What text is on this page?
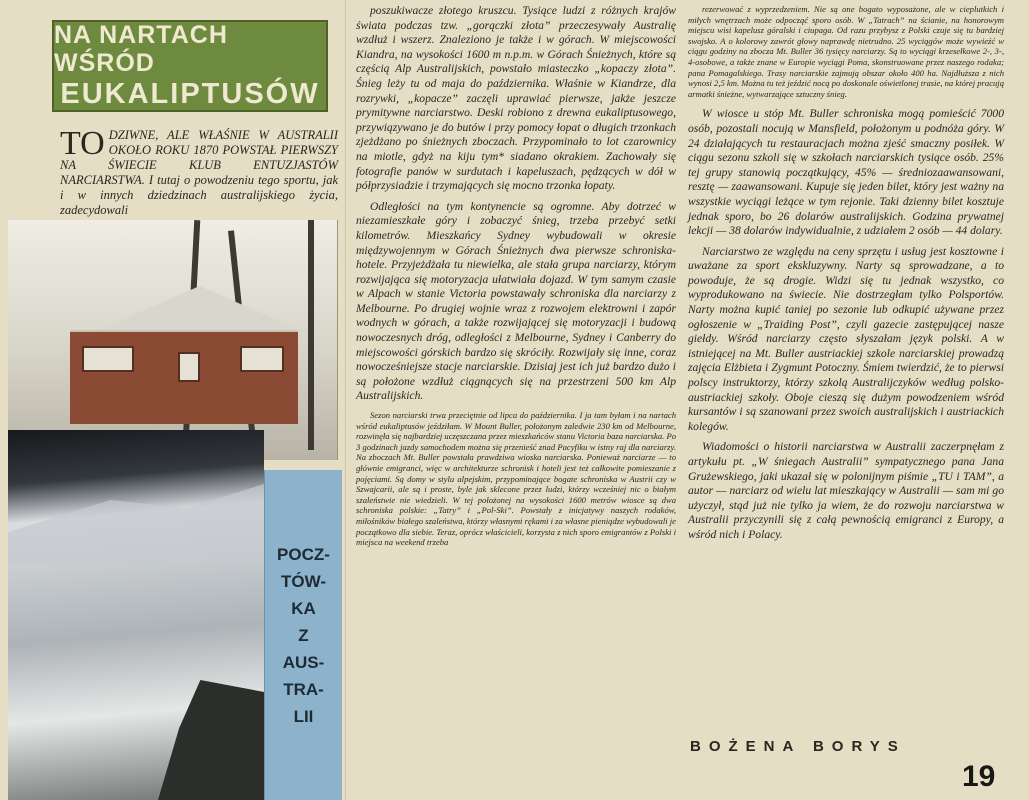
NA NARTACH WŚRÓD
EUKALIPTUSÓW
TO DZIWNE, ALE WŁAŚNIE W AUSTRALII OKOŁO ROKU 1870 POWSTAŁ PIERWSZY NA ŚWIECIE KLUB ENTUZJASTÓW NARCIARSTWA. I tutaj o powodzeniu tego sportu, jak i w innych dziedzinach australijskiego życia, zadecydowali
POCZ-
TÓW-
KA
Z
AUS-
TRA-
LII

poszukiwacze złotego kruszcu. Tysiące ludzi z różnych krajów świata podczas tzw. „gorączki złota” przeczesywały Australię wzdłuż i wszerz. Znaleziono je także i w górach. W miejscowości Kiandra, na wysokości 1600 m n.p.m. w Górach Śnieżnych, które są częścią Alp Australijskich, powstało miasteczko „kopaczy złota”. Śnieg leży tu od maja do października. Właśnie w Kiandrze, dla rozrywki, „kopacze” zaczęli uprawiać pierwsze, jakże jeszcze prymitywne narciarstwo. Deski robiono z drewna eukaliptusowego, przywiązywano je do butów i przy pomocy łopat o długich trzonkach zjeżdżano po śnieżnych zboczach. Przypominało to lot czarownicy na miotle, gdyż na kiju tym* siadano okrakiem. Zachowały się fotografie panów w surdutach i kapeluszach, pędzących w dół w półprzysiadzie i trzymających się mocno trzonka łopaty.

Odległości na tym kontynencie są ogromne. Aby dotrzeć w niezamieszkałe góry i zobaczyć śnieg, trzeba przebyć setki kilometrów. Mieszkańcy Sydney wybudowali w okresie międzywojennym w Górach Śnieżnych dwa pierwsze schroniska-hotele. Przyjeżdżała tu niewielka, ale stała grupa narciarzy, którym rozwijająca się motoryzacja ułatwiała dojazd. W tym samym czasie w Alpach w stanie Victoria powstawały schroniska dla narciarzy z Melbourne. Po drugiej wojnie wraz z rozwojem elektrowni i zapór wodnych w górach, a także rozwijającej się motoryzacji i budową nowoczesnych dróg, odległości z Melbourne, Sydney i Canberry do miejscowości górskich bardzo się skróciły. Rozwijały się inne, coraz nowocześniejsze stacje narciarskie. Dzisiaj jest ich już bardzo dużo i są położone wzdłuż ciągnących się na przestrzeni 500 km Alp Australijskich.

Sezon narciarski trwa przeciętnie od lipca do października. I ja tam byłam i na nartach wśród eukaliptusów jeździłam. W Mount Buller, położonym zaledwie 230 km od Melbourne, rozwinęła się najbardziej uczęszczana przez mieszkańców stanu Victoria baza narciarska. Po 3 godzinach jazdy samochodem można się przenieść znad Pacyfiku w istny raj dla narciarzy. Na zboczach Mt. Buller powstała prawdziwa wioska narciarska. Ponieważ narciarze — to głównie emigranci, więc w architekturze schronisk i hoteli jest też całkowite pomieszanie z pojęciami. Są domy w stylu alpejskim, przypominające bogate schroniska w Austrii czy w Szwajcarii, ale są i proste, byle jak sklecone przez ludzi, którzy wcześniej nic o białym szaleństwie nie wiedzieli. W tej położonej na wysokości 1600 metrów wiosce są dwa schroniska polskie: „Tatry” i „Pol-Ski”. Powstały z inicjatywy naszych rodaków, miłośników białego szaleństwa, którzy własnymi rękami i za własne pieniądze wybudowali je początkowo dla siebie. Teraz, oprócz właścicieli, korzysta z nich sporo emigrantów z Polski i miejsca na weekend trzeba

rezerwować z wyprzedzeniem. Nie są one bogato wyposażone, ale w cieplutkich i miłych wnętrzach może odpocząć sporo osób. W „Tatrach” na ścianie, na honorowym miejscu wisi kapelusz góralski i ciupaga. Od razu przybysz z Polski czuje się tu bardziej swojsko. A o kolorowy zawrót głowy naprawdę nietrudno. 25 wyciągów może wywieźć w ciągu godziny na zbocza Mt. Buller 36 tysięcy narciarzy. Są to wyciągi krzesełkowe 2-, 3-, 4-osobowe, a także znane w Europie wyciągi Poma, skonstruowane przez naszego rodaka; pana Pomagalskiego. Trasy narciarskie zajmują obszar około 400 ha. Najdłuższa z nich wynosi 2,5 km. Można tu też jeździć nocą po doskonale oświetlonej trasie, na której pracują armatki śnieżne, wytwarzające sztuczny śnieg.

W wiosce u stóp Mt. Buller schroniska mogą pomieścić 7000 osób, pozostali nocują w Mansfield, położonym u podnóża góry. W 24 działających tu restauracjach można zjeść smaczny posiłek. W ciągu sezonu szkoli się w szkołach narciarskich tysiące osób. 25% tej grupy stanowią początkujący, 45% — średniozaawansowani, resztę — zaawansowani. Kupuje się jeden bilet, który jest ważny na wszystkie wyciągi leżące w tym rejonie. Taki dzienny bilet kosztuje jednak sporo, bo 26 dolarów australijskich. Godzina prywatnej lekcji — 38 dolarów indywidualnie, z udziałem 2 osób — 44 dolary.

Narciarstwo ze względu na ceny sprzętu i usług jest kosztowne i uważane za sport ekskluzywny. Narty są sprowadzane, a to powoduje, że są drogie. Widzi się tu jednak wszystko, co wyprodukowano na świecie. Nie dostrzegłam tylko Polsportów. Narty można kupić taniej po sezonie lub odkupić używane przez ogłoszenie w „Traiding Post”, czyli gazecie zastępującej nasze giełdy. Wśród narciarzy często słyszałam język polski. A w istniejącej na Mt. Buller austriackiej szkole narciarskiej prowadzą zajęcia Elżbieta i Zygmunt Potoczny. Śmiem twierdzić, że to pierwsi polscy instruktorzy, którzy szkolą Australijczyków według polsko-austriackiej szkoły. Oboje cieszą się dużym powodzeniem wśród kursantów i są szanowani przez swoich australijskich i austriackich kolegów.

Wiadomości o historii narciarstwa w Australii zaczerpnęłam z artykułu pt. „W śniegach Australii” sympatycznego pana Jana Grużewskiego, jaki ukazał się w polonijnym piśmie „TU i TAM”, a autor — narciarz od wielu lat mieszkający w Australii — sam mi go użyczył, stąd już nie tylko ja wiem, że do rozwoju narciarstwa w Australii przyczynili się z całą pewnością emigranci z Europy, a wśród nich i Polacy.

BOŻENA BORYS
19
